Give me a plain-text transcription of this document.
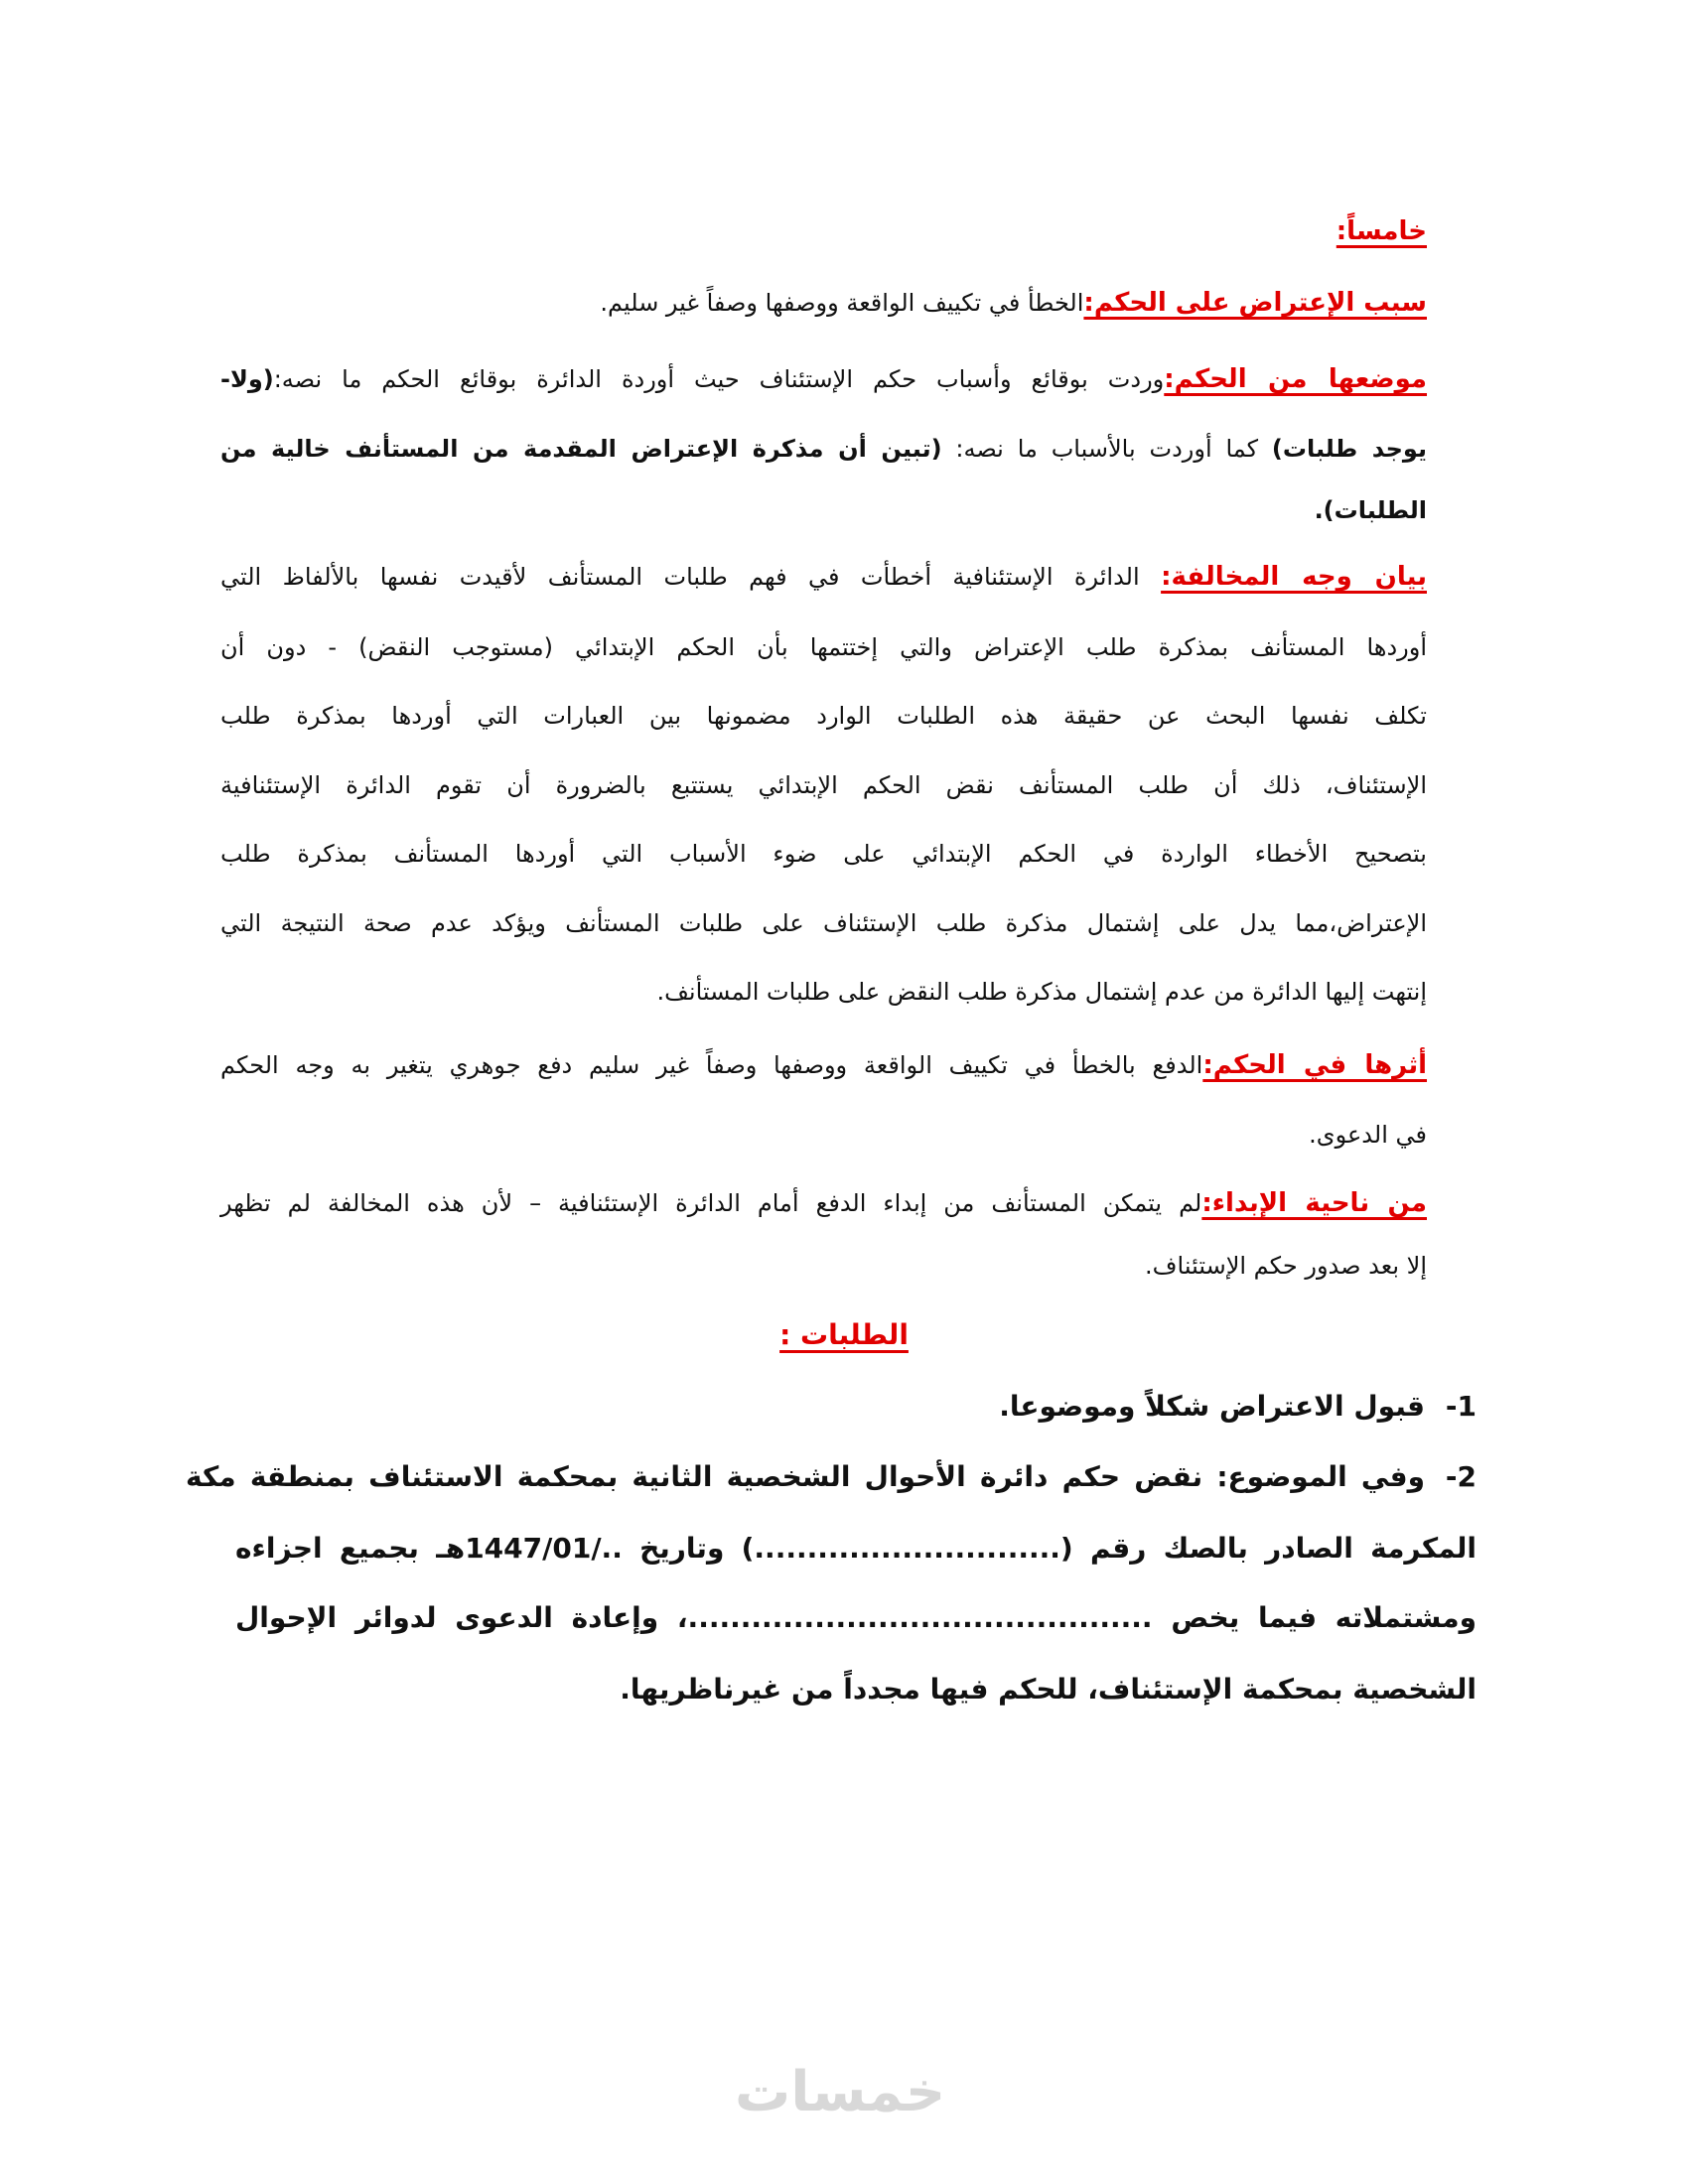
خامساً:
سبب الإعتراض على الحكم:الخطأ في تكييف الواقعة ووصفها وصفاً غير سليم.
موضعها من الحكم:وردت بوقائع وأسباب حكم الإستئناف حيث أوردة الدائرة بوقائع الحكم ما نصه:(ولا-
يوجد طلبات) كما أوردت بالأسباب ما نصه: (تبين أن مذكرة الإعتراض المقدمة من المستأنف خالية من
الطلبات).
بيان وجه المخالفة: الدائرة الإستئنافية أخطأت في فهم طلبات المستأنف لأقيدت نفسها بالألفاظ التي
أوردها المستأنف بمذكرة طلب الإعتراض والتي إختتمها بأن الحكم الإبتدائي (مستوجب النقض) - دون أن
تكلف نفسها البحث عن حقيقة هذه الطلبات الوارد مضمونها بين العبارات التي أوردها بمذكرة طلب
الإستئناف، ذلك أن طلب المستأنف نقض الحكم الإبتدائي يستتبع بالضرورة أن تقوم الدائرة الإستئنافية
بتصحيح الأخطاء الواردة في الحكم الإبتدائي على ضوء الأسباب التي أوردها المستأنف بمذكرة طلب
الإعتراض،مما يدل على إشتمال مذكرة طلب الإستئناف على طلبات المستأنف ويؤكد عدم صحة النتيجة التي
إنتهت إليها الدائرة من عدم إشتمال مذكرة طلب النقض على طلبات المستأنف.
أثرها في الحكم:الدفع بالخطأ في تكييف الواقعة ووصفها وصفاً غير سليم دفع جوهري يتغير به وجه الحكم
في الدعوى.
من ناحية الإبداء:لم يتمكن المستأنف من إبداء الدفع أمام الدائرة الإستئنافية – لأن هذه المخالفة لم تظهر
إلا بعد صدور حكم الإستئناف.
الطلبات :
1-قبول الاعتراض شكلاً وموضوعا.
2-وفي الموضوع: نقض حكم دائرة الأحوال الشخصية الثانية بمحكمة الاستئناف بمنطقة مكة
المكرمة الصادر بالصك رقم (.............................) وتاريخ ../1447/01هـ بجميع اجزاءه
ومشتملاته فيما يخص ............................................، وإعادة الدعوى لدوائر الإحوال
الشخصية بمحكمة الإستئناف، للحكم فيها مجدداً من غيرناظريها.
خمسات
